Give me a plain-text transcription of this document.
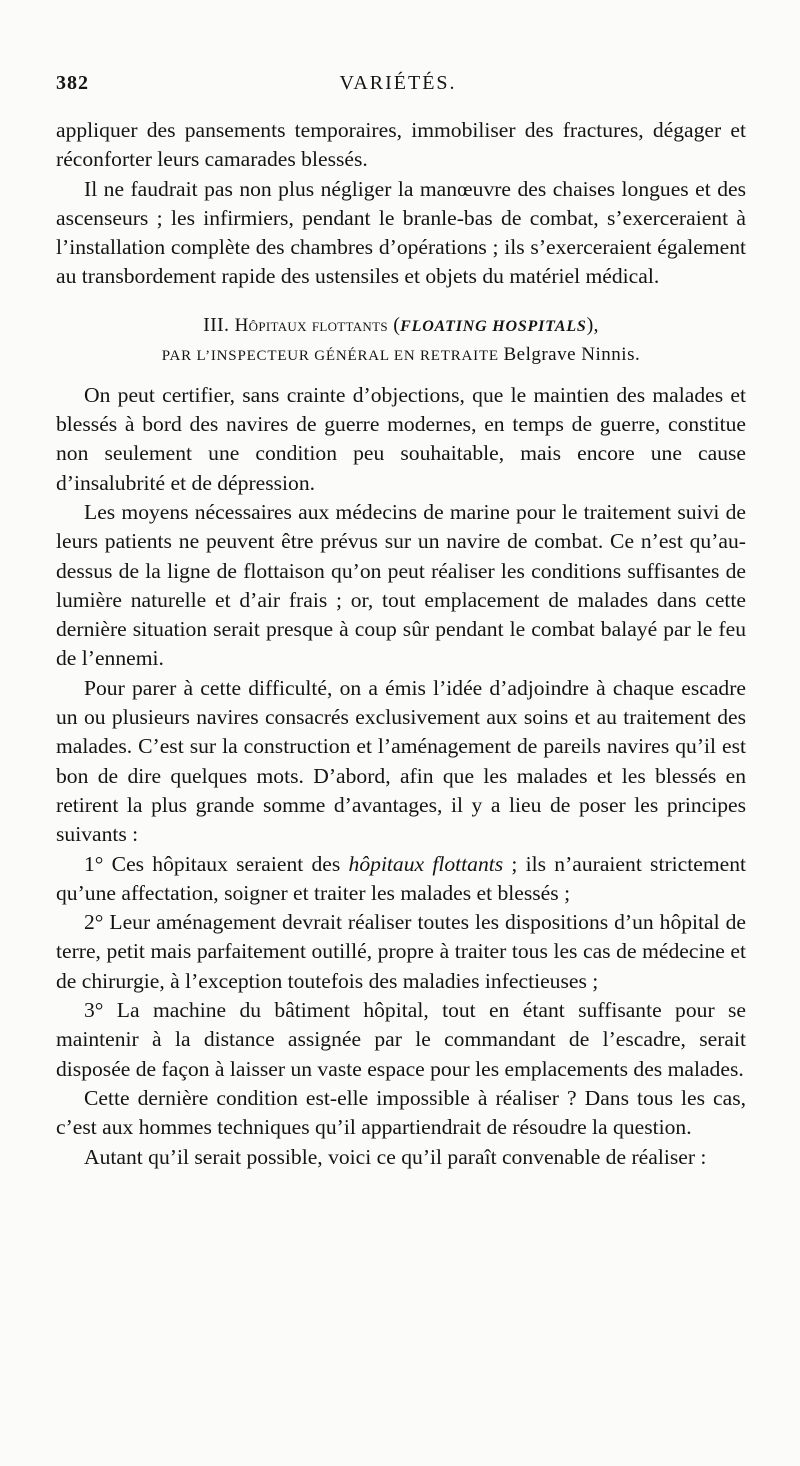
382	VARIÉTÉS.

appliquer des pansements temporaires, immobiliser des fractures, dégager et réconforter leurs camarades blessés.

Il ne faudrait pas non plus négliger la manœuvre des chaises longues et des ascenseurs ; les infirmiers, pendant le branle-bas de combat, s’exerceraient à l’installation complète des chambres d’opérations ; ils s’exerceraient également au transbordement rapide des ustensiles et objets du matériel médical.

III. Hôpitaux flottants (FLOATING HOSPITALS),
PAR L’INSPECTEUR GÉNÉRAL EN RETRAITE Belgrave Ninnis.

On peut certifier, sans crainte d’objections, que le maintien des malades et blessés à bord des navires de guerre modernes, en temps de guerre, constitue non seulement une condition peu souhaitable, mais encore une cause d’insalubrité et de dépression.

Les moyens nécessaires aux médecins de marine pour le traitement suivi de leurs patients ne peuvent être prévus sur un navire de combat. Ce n’est qu’au-dessus de la ligne de flottaison qu’on peut réaliser les conditions suffisantes de lumière naturelle et d’air frais ; or, tout emplacement de malades dans cette dernière situation serait presque à coup sûr pendant le combat balayé par le feu de l’ennemi.

Pour parer à cette difficulté, on a émis l’idée d’adjoindre à chaque escadre un ou plusieurs navires consacrés exclusivement aux soins et au traitement des malades. C’est sur la construction et l’aménagement de pareils navires qu’il est bon de dire quelques mots. D’abord, afin que les malades et les blessés en retirent la plus grande somme d’avantages, il y a lieu de poser les principes suivants :

1° Ces hôpitaux seraient des hôpitaux flottants ; ils n’auraient strictement qu’une affectation, soigner et traiter les malades et blessés ;

2° Leur aménagement devrait réaliser toutes les dispositions d’un hôpital de terre, petit mais parfaitement outillé, propre à traiter tous les cas de médecine et de chirurgie, à l’exception toutefois des maladies infectieuses ;

3° La machine du bâtiment hôpital, tout en étant suffisante pour se maintenir à la distance assignée par le commandant de l’escadre, serait disposée de façon à laisser un vaste espace pour les emplacements des malades.

Cette dernière condition est-elle impossible à réaliser ? Dans tous les cas, c’est aux hommes techniques qu’il appartiendrait de résoudre la question.

Autant qu’il serait possible, voici ce qu’il paraît convenable de réaliser :
